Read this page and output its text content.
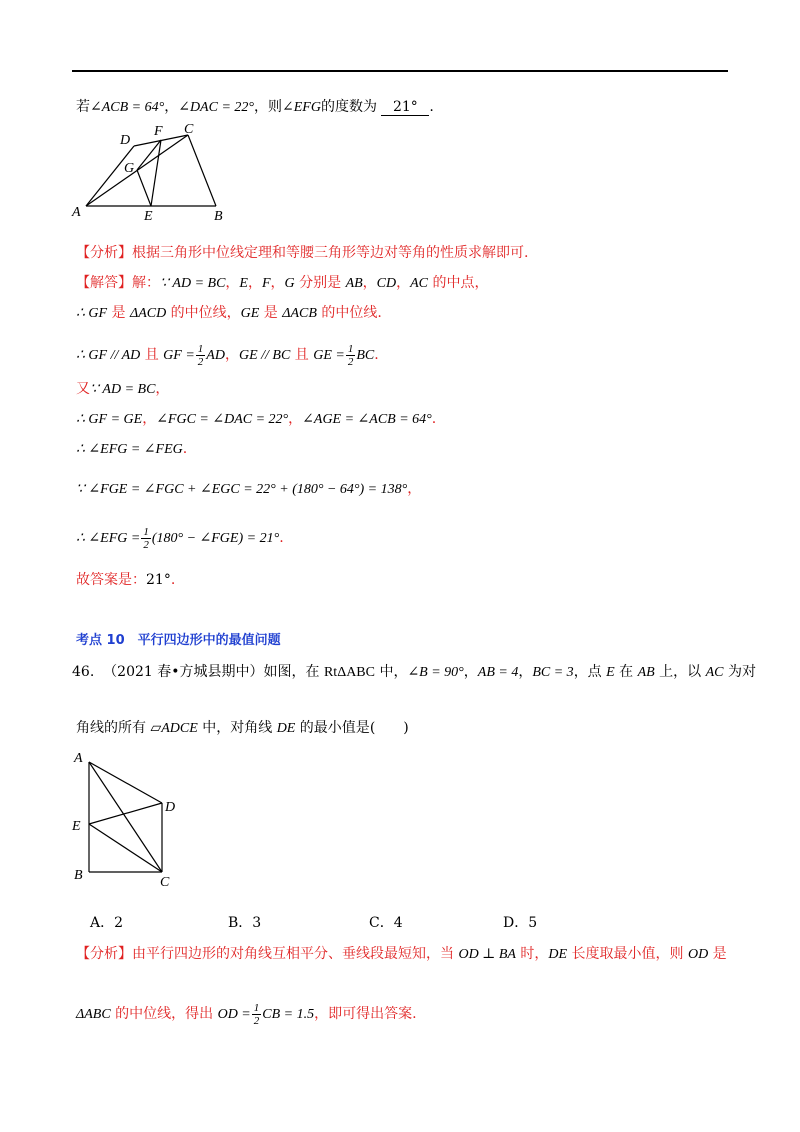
若∠ACB = 64°，∠DAC = 22°，则∠EFG的度数为 21° .
A	B
C
D
E
F
G
【分析】根据三角形中位线定理和等腰三角形等边对等角的性质求解即可.
【解答】解：∵ AD = BC，E，F，G 分别是 AB，CD，AC 的中点，
∴ GF 是 ΔACD 的中位线，GE 是 ΔACB 的中位线.
∴ GF // AD 且 GF = $\frac{1}{2}$ AD，GE // BC 且 GE = $\frac{1}{2}$ BC.
又∵ AD = BC，
∴ GF = GE，∠FGC = ∠DAC = 22°，∠AGE = ∠ACB = 64°.
∴ ∠EFG = ∠FEG.
∵ ∠FGE = ∠FGC + ∠EGC = 22° + (180° − 64°) = 138°，
∴ ∠EFG = $\frac{1}{2} (180^\circ$ − ∠FGE) = 21°.
故答案是：21°.
考点 10　平行四边形中的最值问题
46. （2021 春•方城县期中）如图，在 RtΔABC 中，∠B = 90°，AB = 4，BC = 3，点 E 在 AB 上，以 AC 为对
角线的所有 ▱ADCE 中，对角线 DE 的最小值是(　　)
A
B	C
D
E
A．2	B．3	C．4	D．5
【分析】由平行四边形的对角线互相平分、垂线段最短知，当 OD ⊥ BA 时，DE 长度取最小值，则 OD 是
ΔABC 的中位线，得出 OD = $\frac{1}{2}$ CB = 1.5，即可得出答案.
